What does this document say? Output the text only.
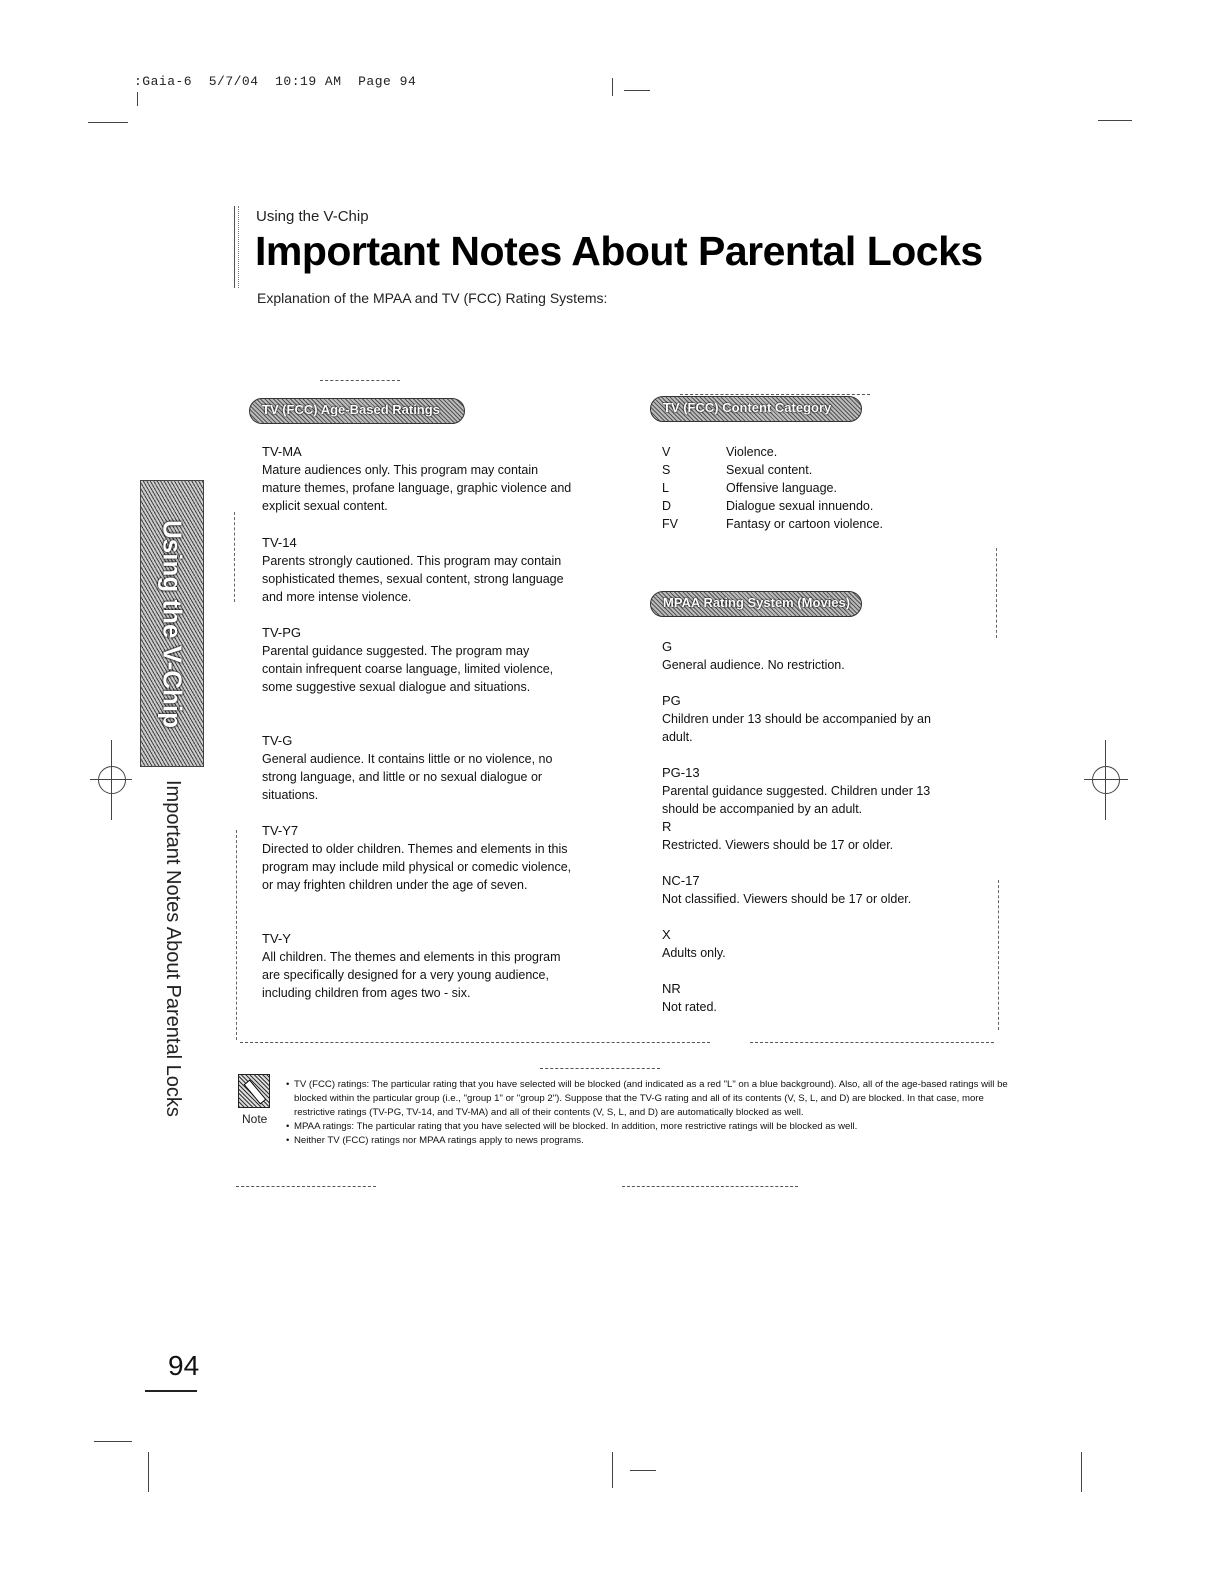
:Gaia-6  5/7/04  10:19 AM  Page 94
Using the V-Chip
Important Notes About Parental Locks
Explanation of the MPAA and TV (FCC) Rating Systems:
Using the V-Chip
Important Notes About Parental Locks
TV (FCC) Age-Based Ratings
TV-MA
Mature audiences only. This program may contain mature themes, profane language, graphic violence and explicit sexual content.
TV-14
Parents strongly cautioned. This program may contain sophisticated themes, sexual content, strong language and more intense violence.
TV-PG
Parental guidance suggested. The program may contain infrequent coarse language, limited violence, some suggestive sexual dialogue and situations.
TV-G
General audience. It contains little or no violence, no strong language, and little or no sexual dialogue or situations.
TV-Y7
Directed to older children. Themes and elements in this program may include mild physical or comedic violence, or may frighten children under the age of seven.
TV-Y
All children. The themes and elements in this program are specifically designed for a very young audience, including children from ages two - six.
TV (FCC) Content Category
V	Violence.
S	Sexual content.
L	Offensive language.
D	Dialogue sexual innuendo.
FV	Fantasy or cartoon violence.
MPAA Rating System (Movies)
G
General audience. No restriction.
PG
Children under 13 should be accompanied by an adult.
PG-13
Parental guidance suggested. Children under 13 should be accompanied by an adult.
R
Restricted. Viewers should be 17 or older.
NC-17
Not classified. Viewers should be 17 or older.
X
Adults only.
NR
Not rated.
Note
• TV (FCC) ratings: The particular rating that you have selected will be blocked (and indicated as a red "L" on a blue background). Also, all of the age-based ratings will be blocked within the particular group (i.e., "group 1" or "group 2"). Suppose that the TV-G rating and all of its contents (V, S, L, and D) are blocked. In that case, more restrictive ratings (TV-PG, TV-14, and TV-MA) and all of their contents (V, S, L, and D) are automatically blocked as well.
• MPAA ratings: The particular rating that you have selected will be blocked. In addition, more restrictive ratings will be blocked as well.
• Neither TV (FCC) ratings nor MPAA ratings apply to news programs.
94
